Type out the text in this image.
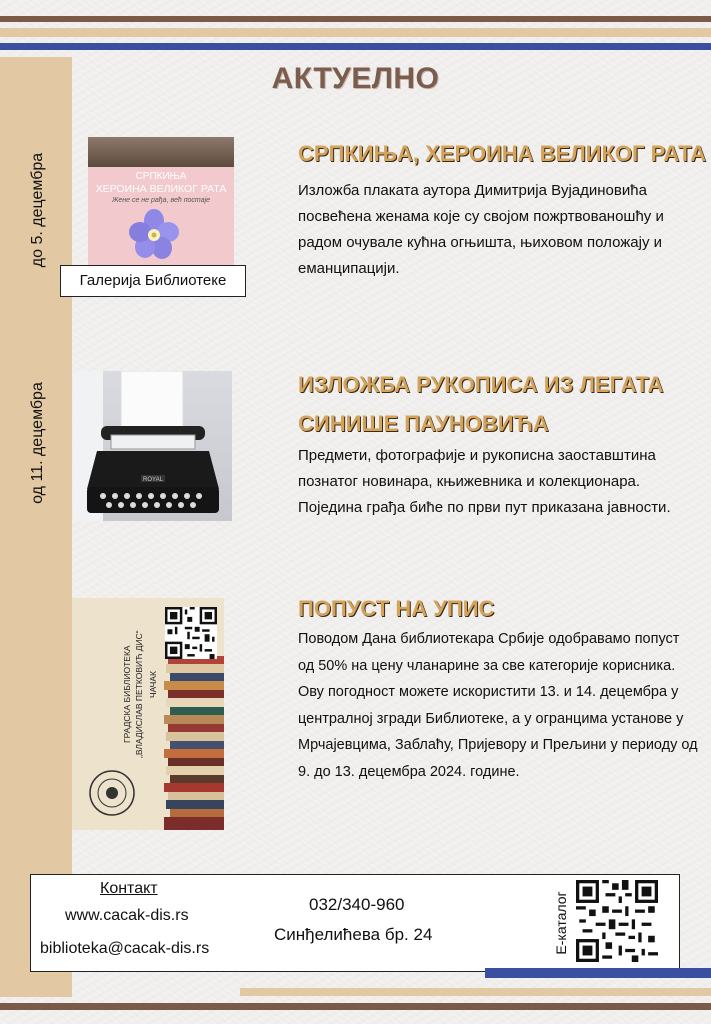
до 5. децембра
од 11. децембра
АКТУЕЛНО
СРПКИЊА
ХЕРОИНА ВЕЛИКОГ РАТА
Жене се не рађа, већ постаје
Галерија Библиотеке
СРПКИЊА, ХЕРОИНА ВЕЛИКОГ РАТА
Изложба плаката аутора Димитрија Вујадиновића посвећена женама које су својом пожртвованошћу и радом очувале кућна огњишта, њиховом положају и еманципацији.
ROYAL
ИЗЛОЖБА РУКОПИСА ИЗ ЛЕГАТА
СИНИШЕ ПАУНОВИЋА
Предмети, фотографије и рукописна заоставштина познатог новинара, књижевника и колекционара. Поједина грађа биће по први пут приказана јавности.
ГРАДСКА БИБЛИОТЕКА „ВЛАДИСЛАВ ПЕТКОВИЋ ДИС“ ЧАЧАК
ПОПУСТ НА УПИС
Поводом Дана библиотекара Србије одобравамо попуст од 50% на цену чланарине за све категорије корисника. Ову погодност можете искористити 13. и 14. децембра у централној згради Библиотеке, а у огранцима установе у Мрчајевцима, Заблаћу, Пријевору и Прељини у периоду од 9. до 13. децембра 2024. године.
Контакт
www.cacak-dis.rs
biblioteka@cacak-dis.rs
032/340-960
Синђелићева бр. 24	Е-каталог
